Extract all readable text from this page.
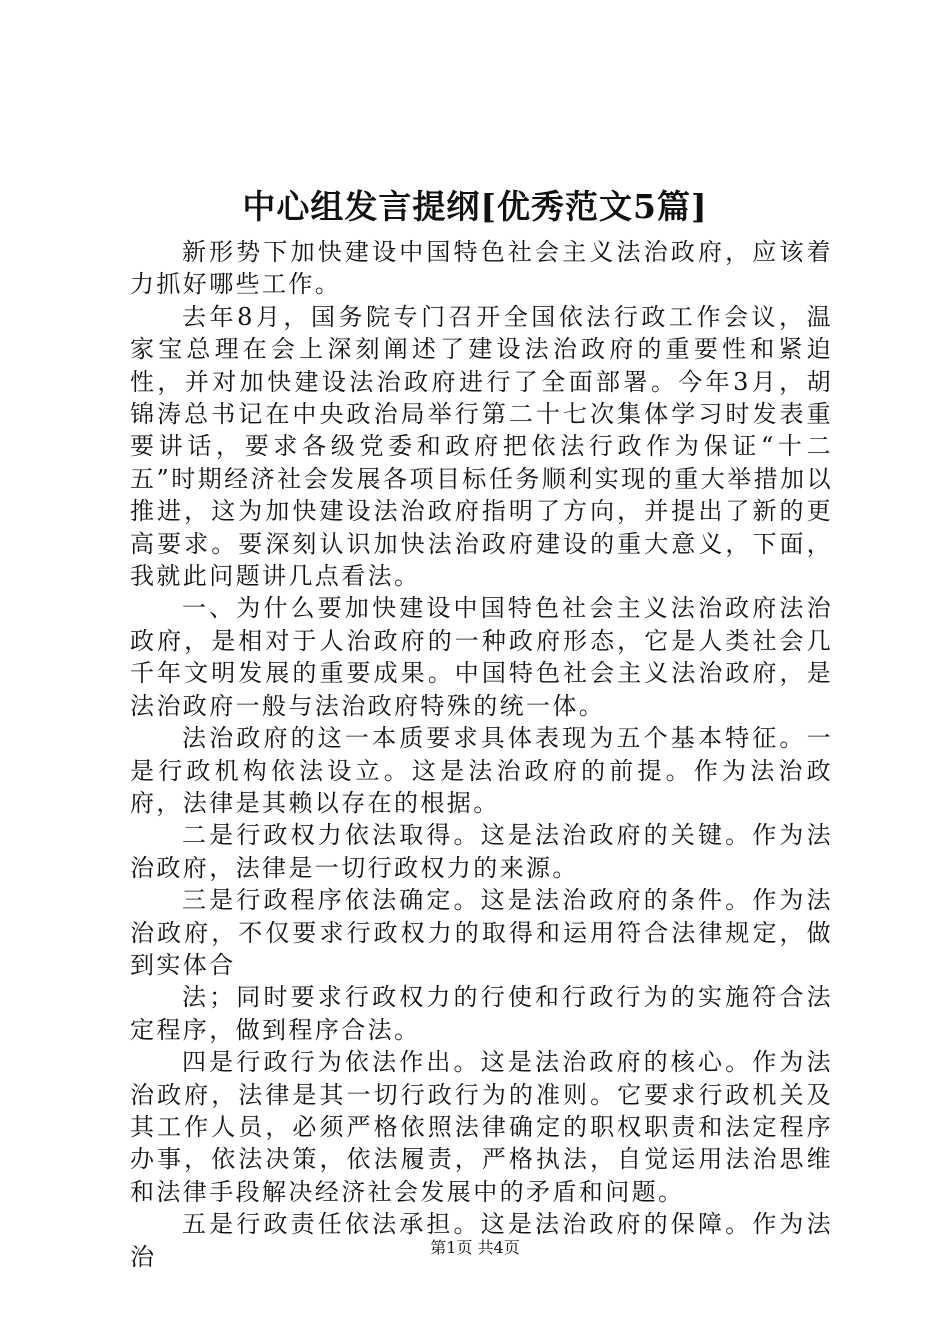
中心组发言提纲[优秀范文5篇]

新形势下加快建设中国特色社会主义法治政府，应该着力抓好哪些工作。

去年8月，国务院专门召开全国依法行政工作会议，温家宝总理在会上深刻阐述了建设法治政府的重要性和紧迫性，并对加快建设法治政府进行了全面部署。今年3月，胡锦涛总书记在中央政治局举行第二十七次集体学习时发表重要讲话，要求各级党委和政府把依法行政作为保证“十二五”时期经济社会发展各项目标任务顺利实现的重大举措加以推进，这为加快建设法治政府指明了方向，并提出了新的更高要求。要深刻认识加快法治政府建设的重大意义，下面，我就此问题讲几点看法。

一、为什么要加快建设中国特色社会主义法治政府法治政府，是相对于人治政府的一种政府形态，它是人类社会几千年文明发展的重要成果。中国特色社会主义法治政府，是法治政府一般与法治政府特殊的统一体。

法治政府的这一本质要求具体表现为五个基本特征。一是行政机构依法设立。这是法治政府的前提。作为法治政府，法律是其赖以存在的根据。

二是行政权力依法取得。这是法治政府的关键。作为法治政府，法律是一切行政权力的来源。

三是行政程序依法确定。这是法治政府的条件。作为法治政府，不仅要求行政权力的取得和运用符合法律规定，做到实体合

法；同时要求行政权力的行使和行政行为的实施符合法定程序，做到程序合法。

四是行政行为依法作出。这是法治政府的核心。作为法治政府，法律是其一切行政行为的准则。它要求行政机关及其工作人员，必须严格依照法律确定的职权职责和法定程序办事，依法决策，依法履责，严格执法，自觉运用法治思维和法律手段解决经济社会发展中的矛盾和问题。

五是行政责任依法承担。这是法治政府的保障。作为法治	第1页 共4页
